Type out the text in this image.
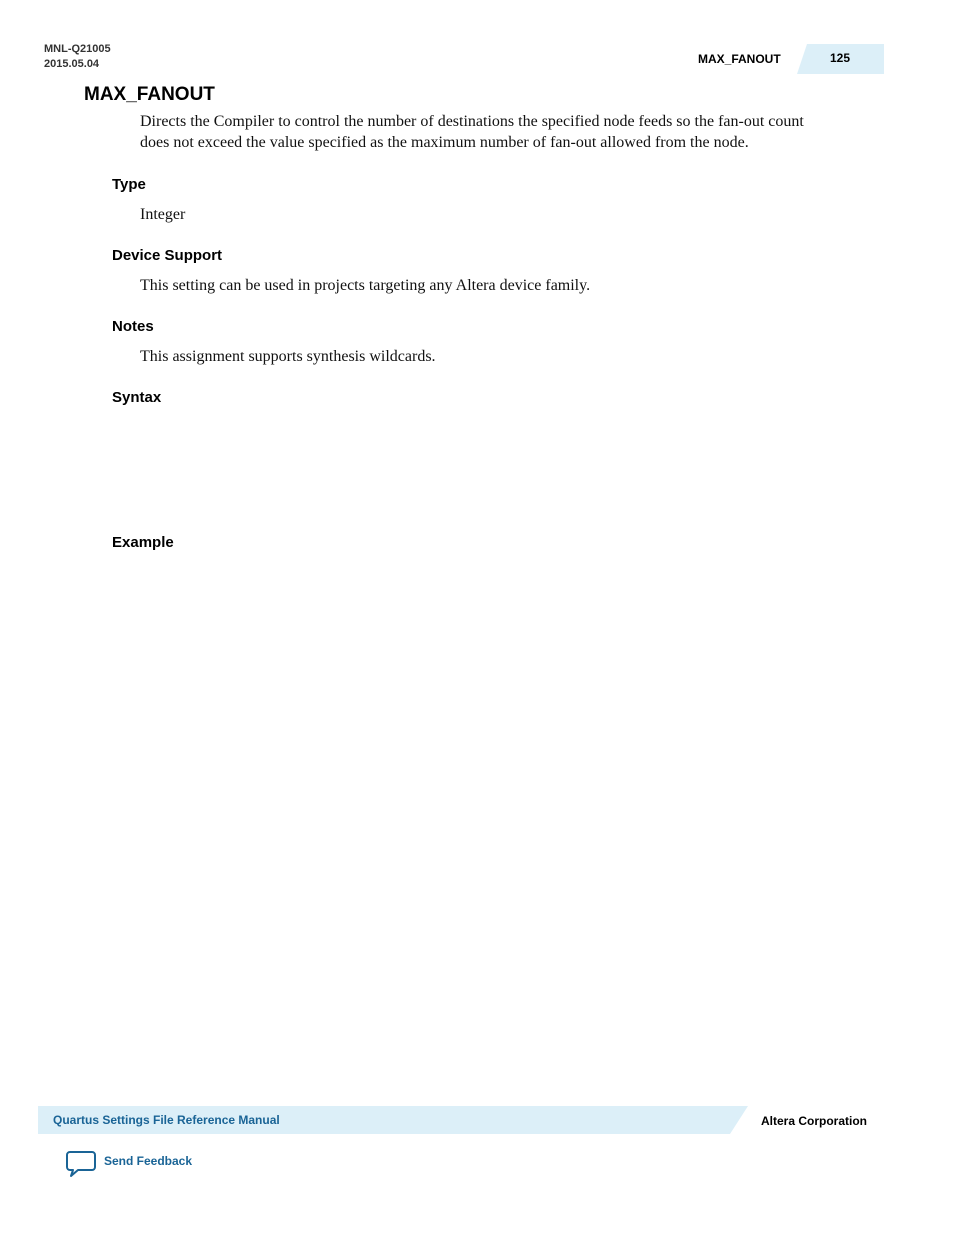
MNL-Q21005
2015.05.04	MAX_FANOUT	125
MAX_FANOUT
Directs the Compiler to control the number of destinations the specified node feeds so the fan-out count
does not exceed the value specified as the maximum number of fan-out allowed from the node.
Type
Integer
Device Support
This setting can be used in projects targeting any Altera device family.
Notes
This assignment supports synthesis wildcards.
Syntax
Example
Quartus Settings File Reference Manual	Altera Corporation
Send Feedback
